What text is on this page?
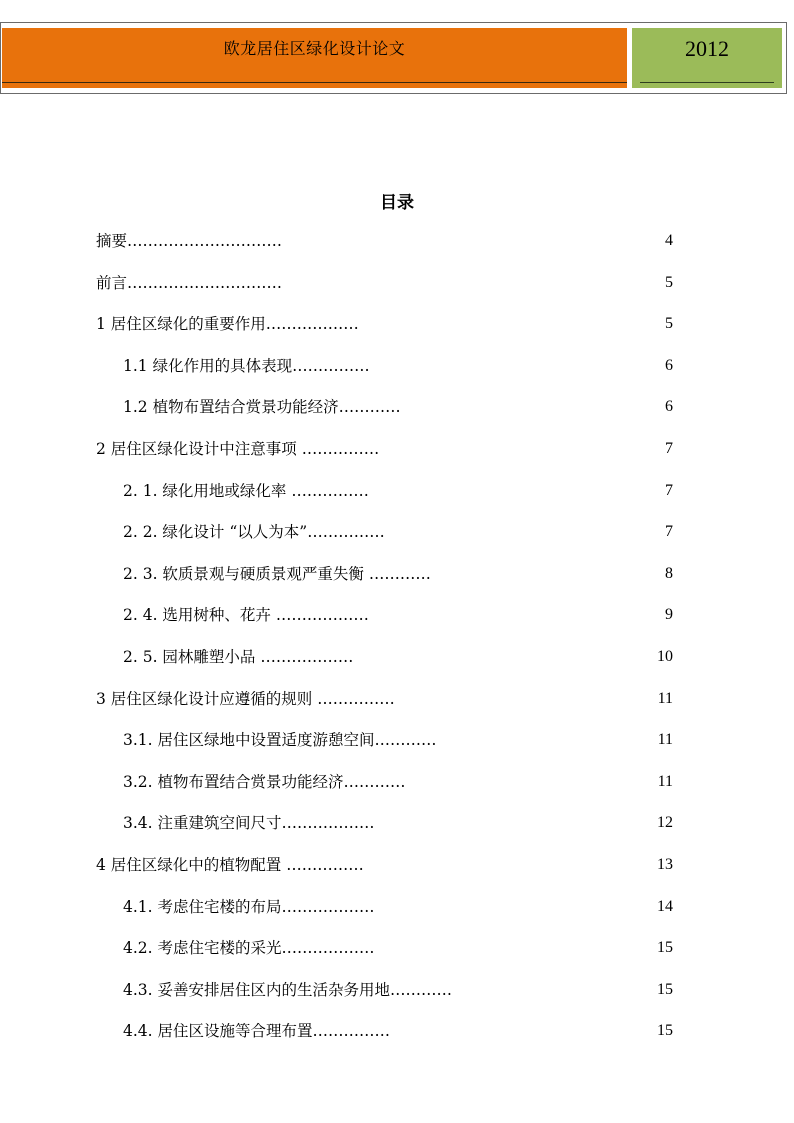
欧龙居住区绿化设计论文	2012
目录
摘要…………………………	4
前言…………………………	5
1 居住区绿化的重要作用………………	5
1.1 绿化作用的具体表现……………	6
1.2 植物布置结合赏景功能经济…………	6
2 居住区绿化设计中注意事项 ……………	7
2. 1. 绿化用地或绿化率 ……………	7
2. 2. 绿化设计 “以人为本”……………	7
2. 3. 软质景观与硬质景观严重失衡 …………	8
2. 4. 选用树种、花卉 ………………	9
2. 5. 园林雕塑小品 ………………	10
3 居住区绿化设计应遵循的规则 ……………	11
3.1. 居住区绿地中设置适度游憩空间…………	11
3.2. 植物布置结合赏景功能经济…………	11
3.4. 注重建筑空间尺寸………………	12
4 居住区绿化中的植物配置 ……………	13
4.1. 考虑住宅楼的布局………………	14
4.2. 考虑住宅楼的采光………………	15
4.3. 妥善安排居住区内的生活杂务用地…………	15
4.4. 居住区设施等合理布置……………	15
